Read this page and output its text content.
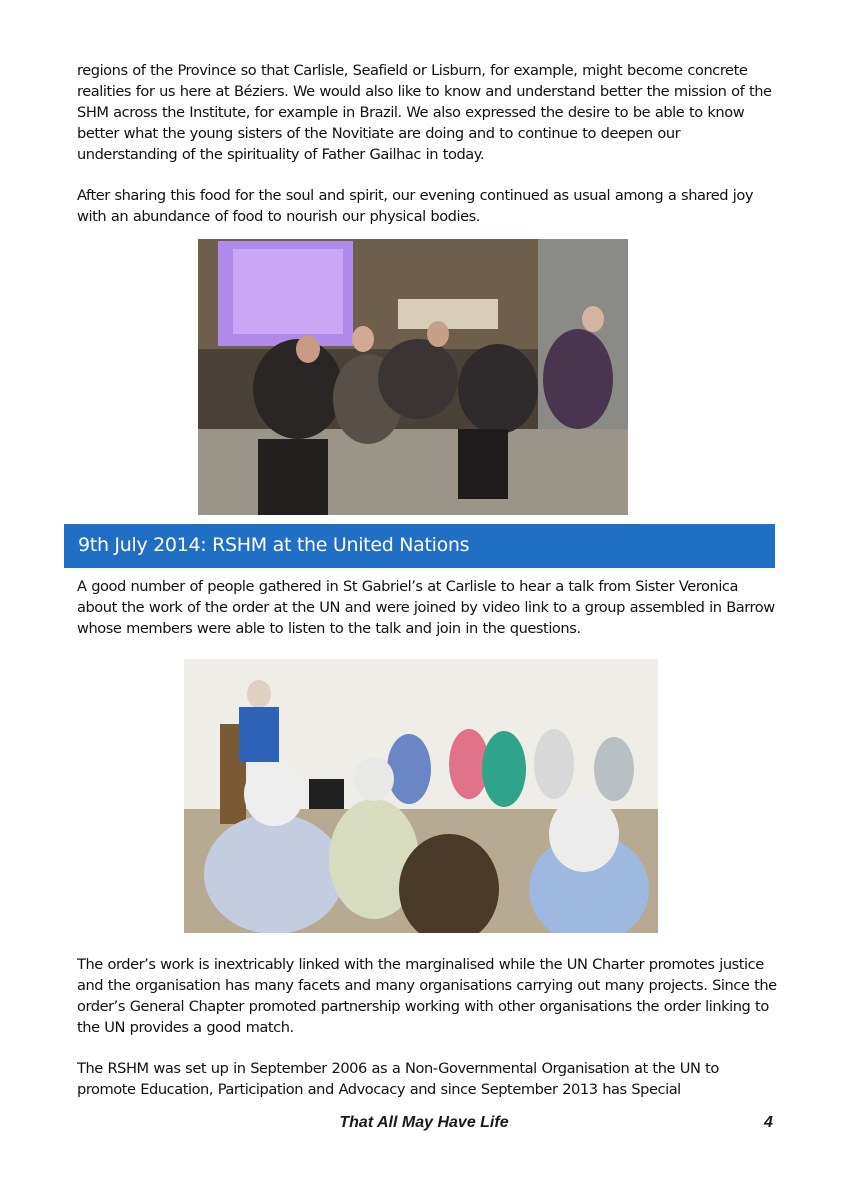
regions of the Province so that Carlisle, Seafield or Lisburn, for example, might become concrete realities for us here at Béziers. We would also like to know and understand better the mission of the SHM across the Institute, for example in Brazil. We also expressed the desire to be able to know better what the young sisters of the Novitiate are doing and to continue to deepen our understanding of the spirituality of Father Gailhac in today.

After sharing this food for the soul and spirit, our evening continued as usual among a shared joy with an abundance of food to nourish our physical bodies.

9th July 2014: RSHM at the United Nations

A good number of people gathered in St Gabriel’s at Carlisle to hear a talk from Sister Veronica about the work of the order at the UN and were joined by video link to a group assembled in Barrow whose members were able to listen to the talk and join in the questions.

The order’s work is inextricably linked with the marginalised while the UN Charter promotes justice and the organisation has many facets and many organisations carrying out many projects. Since the order’s General Chapter promoted partnership working with other organisations the order linking to the UN provides a good match.

The RSHM was set up in September 2006 as a Non-Governmental Organisation at the UN to promote Education, Participation and Advocacy and since September 2013 has Special

That All May Have Life	4
